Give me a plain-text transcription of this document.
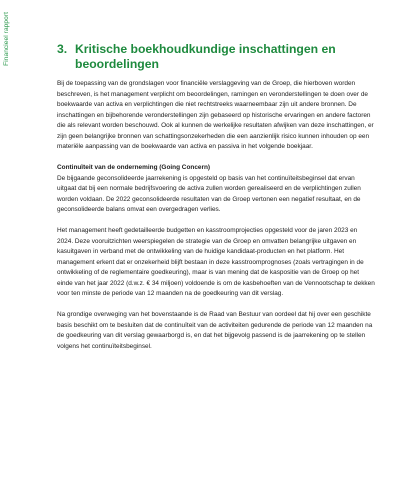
Financieel rapport	3. Kritische boekhoudkundige inschattingen en beoordelingen

Bij de toepassing van de grondslagen voor financiële verslaggeving van de Groep, die hierboven worden beschreven, is het management verplicht om beoordelingen, ramingen en veronderstellingen te doen over de boekwaarde van activa en verplichtingen die niet rechtstreeks waarneembaar zijn uit andere bronnen. De inschattingen en bijbehorende veronderstellingen zijn gebaseerd op historische ervaringen en andere factoren die als relevant worden beschouwd. Ook al kunnen de werkelijke resultaten afwijken van deze inschattingen, er zijn geen belangrijke bronnen van schattingsonzekerheden die een aanzienlijk risico kunnen inhouden op een materiële aanpassing van de boekwaarde van activa en passiva in het volgende boekjaar.

Continuïteit van de onderneming (Going Concern)

De bijgaande geconsolideerde jaarrekening is opgesteld op basis van het continuïteitsbeginsel dat ervan uitgaat dat bij een normale bedrijfsvoering de activa zullen worden gerealiseerd en de verplichtingen zullen worden voldaan. De 2022 geconsolideerde resultaten van de Groep vertonen een negatief resultaat, en de geconsolideerde balans omvat een overgedragen verlies.

Het management heeft gedetailleerde budgetten en kasstroomprojecties opgesteld voor de jaren 2023 en 2024. Deze vooruitzichten weerspiegelen de strategie van de Groep en omvatten belangrijke uitgaven en kasuitgaven in verband met de ontwikkeling van de huidige kandidaat-producten en het platform. Het management erkent dat er onzekerheid blijft bestaan in deze kasstroomprognoses (zoals vertragingen in de ontwikkeling of de reglementaire goedkeuring), maar is van mening dat de kaspositie van de Groep op het einde van het jaar 2022 (d.w.z. € 34 miljoen) voldoende is om de kasbehoeften van de Vennootschap te dekken voor ten minste de periode van 12 maanden na de goedkeuring van dit verslag.

Na grondige overweging van het bovenstaande is de Raad van Bestuur van oordeel dat hij over een geschikte basis beschikt om te besluiten dat de continuïteit van de activiteiten gedurende de periode van 12 maanden na de goedkeuring van dit verslag gewaarborgd is, en dat het bijgevolg passend is de jaarrekening op te stellen volgens het continuïteitsbeginsel.
